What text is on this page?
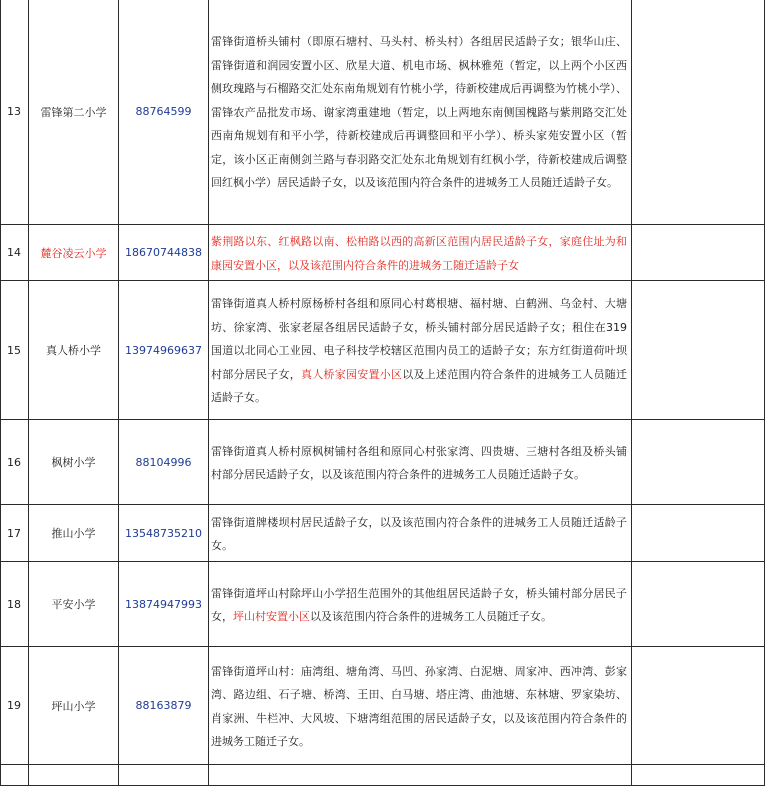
13	雷锋第二小学	88764599	雷锋街道桥头铺村（即原石塘村、马头村、桥头村）各组居民适龄子女；银华山庄、雷锋街道和润园安置小区、欣星大道、机电市场、枫林雅苑（暂定，以上两个小区西侧玫瑰路与石榴路交汇处东南角规划有竹桃小学，待新校建成后再调整为竹桃小学）、雷锋农产品批发市场、谢家湾重建地（暂定，以上两地东南侧国槐路与紫荆路交汇处西南角规划有和平小学，待新校建成后再调整回和平小学）、桥头家苑安置小区（暂定，该小区正南侧剑兰路与春羽路交汇处东北角规划有红枫小学，待新校建成后调整回红枫小学）居民适龄子女，以及该范围内符合条件的进城务工人员随迁适龄子女。	
14	麓谷凌云小学	18670744838	紫荆路以东、红枫路以南、松柏路以西的高新区范围内居民适龄子女，家庭住址为和康园安置小区，以及该范围内符合条件的进城务工随迁适龄子女	
15	真人桥小学	13974969637	雷锋街道真人桥村原杨桥村各组和原同心村葛根塘、福村塘、白鹤洲、乌金村、大塘坊、徐家湾、张家老屋各组居民适龄子女，桥头铺村部分居民适龄子女；租住在319国道以北同心工业园、电子科技学校辖区范围内员工的适龄子女；东方红街道荷叶坝村部分居民子女，真人桥家园安置小区以及上述范围内符合条件的进城务工人员随迁适龄子女。	
16	枫树小学	88104996	雷锋街道真人桥村原枫树铺村各组和原同心村张家湾、四贵塘、三塘村各组及桥头铺村部分居民适龄子女，以及该范围内符合条件的进城务工人员随迁适龄子女。	
17	推山小学	13548735210	雷锋街道牌楼坝村居民适龄子女，以及该范围内符合条件的进城务工人员随迁适龄子女。	
18	平安小学	13874947993	雷锋街道坪山村除坪山小学招生范围外的其他组居民适龄子女，桥头铺村部分居民子女，坪山村安置小区以及该范围内符合条件的进城务工人员随迁子女。	
19	坪山小学	88163879	雷锋街道坪山村：庙湾组、塘角湾、马凹、孙家湾、白泥塘、周家冲、西冲湾、彭家湾、路边组、石子塘、桥湾、王田、白马塘、塔庄湾、曲池塘、东林塘、罗家染坊、肖家洲、牛栏冲、大风坡、下塘湾组范围的居民适龄子女，以及该范围内符合条件的进城务工随迁子女。	
